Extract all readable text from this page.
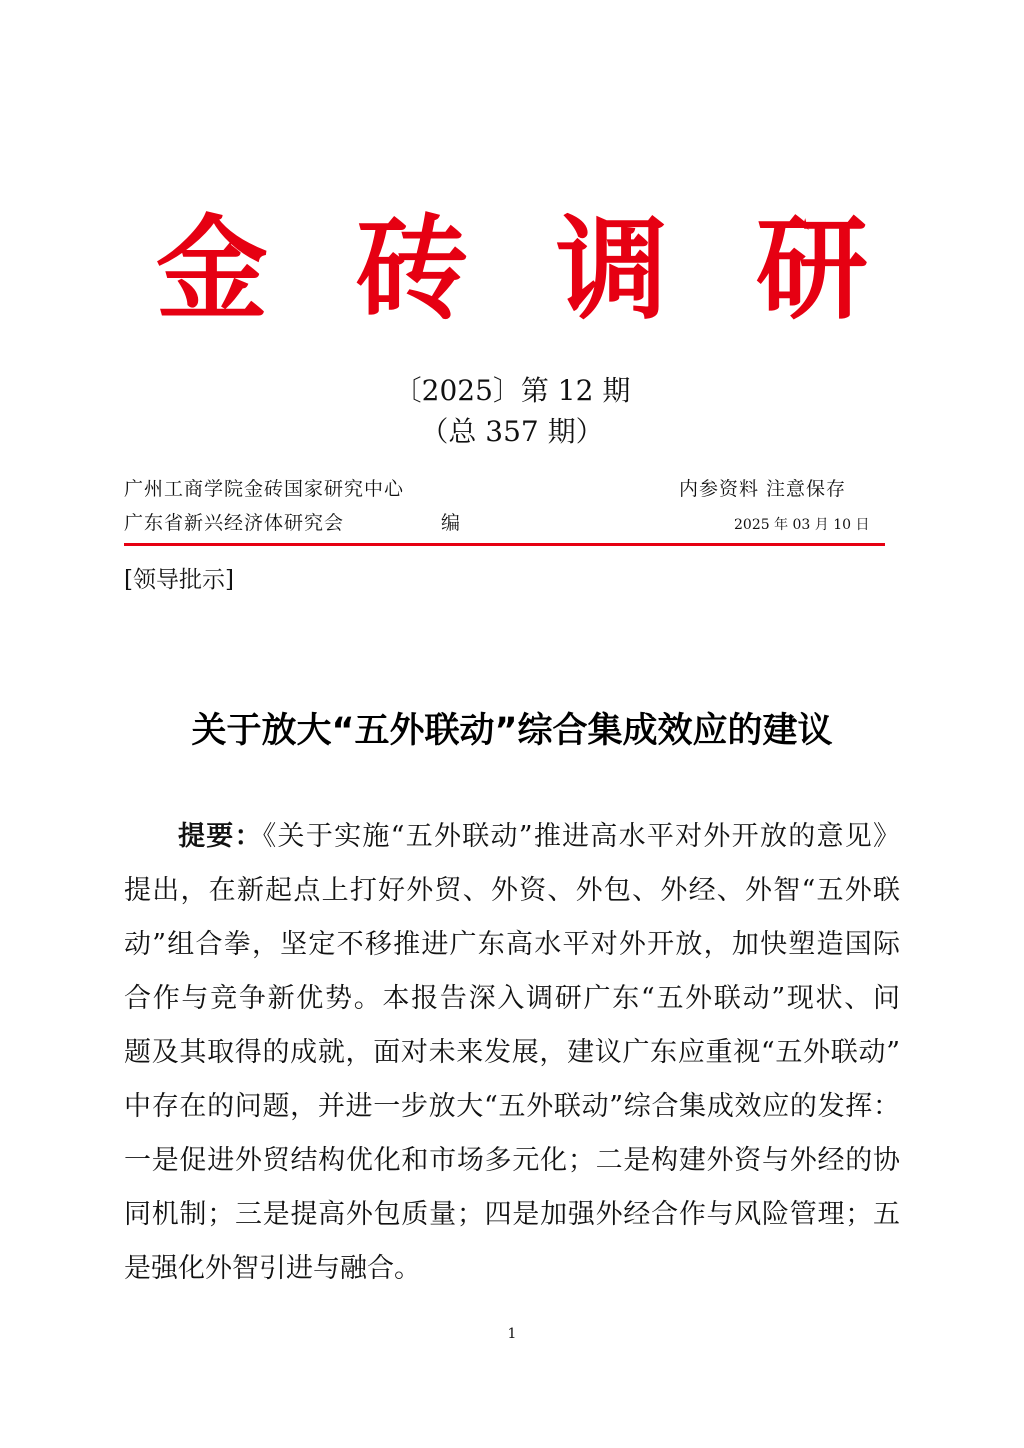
金 砖 调 研
〔2025〕第 12 期
（总 357 期）
广州工商学院金砖国家研究中心
广东省新兴经济体研究会	编
内参资料 注意保存
2025 年 03 月 10 日
[领导批示]
关于放大“五外联动”综合集成效应的建议
提要：《关于实施“五外联动”推进高水平对外开放的意见》
提出，在新起点上打好外贸、外资、外包、外经、外智“五外联
动”组合拳，坚定不移推进广东高水平对外开放，加快塑造国际
合作与竞争新优势。本报告深入调研广东“五外联动”现状、问
题及其取得的成就，面对未来发展，建议广东应重视“五外联动”
中存在的问题，并进一步放大“五外联动”综合集成效应的发挥：
一是促进外贸结构优化和市场多元化；二是构建外资与外经的协
同机制；三是提高外包质量；四是加强外经合作与风险管理；五
是强化外智引进与融合。
1
